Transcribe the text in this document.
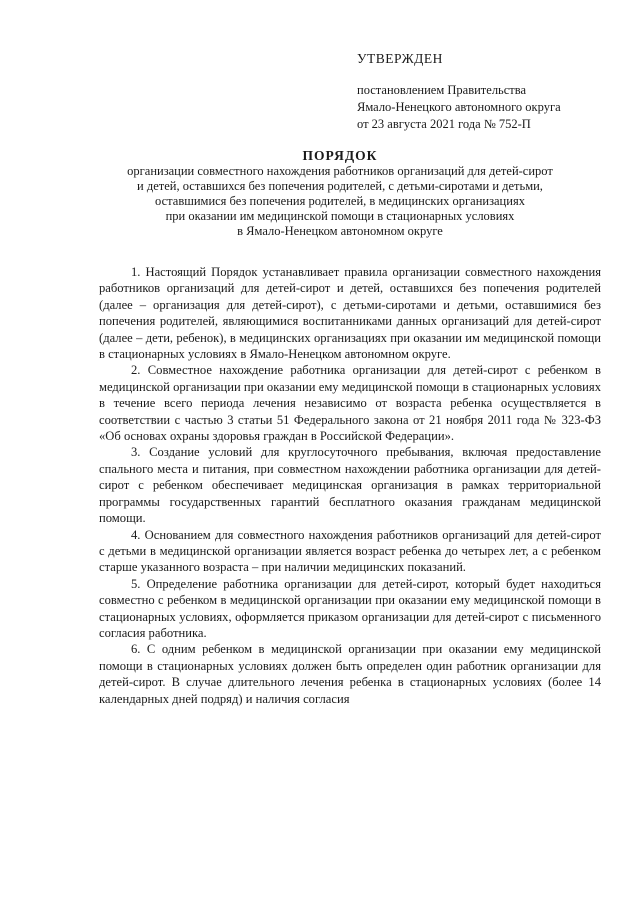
УТВЕРЖДЕН
постановлением Правительства
Ямало-Ненецкого автономного округа
от 23 августа 2021 года № 752-П
ПОРЯДОК
организации совместного нахождения работников организаций для детей-сирот
и детей, оставшихся без попечения родителей, с детьми-сиротами и детьми,
оставшимися без попечения родителей, в медицинских организациях
при оказании им медицинской помощи в стационарных условиях
в Ямало-Ненецком автономном округе

1. Настоящий Порядок устанавливает правила организации совместного нахождения работников организаций для детей-сирот и детей, оставшихся без попечения родителей (далее – организация для детей-сирот), с детьми-сиротами и детьми, оставшимися без попечения родителей, являющимися воспитанниками данных организаций для детей-сирот (далее – дети, ребенок), в медицинских организациях при оказании им медицинской помощи в стационарных условиях в Ямало-Ненецком автономном округе.

2. Совместное нахождение работника организации для детей-сирот с ребенком в медицинской организации при оказании ему медицинской помощи в стационарных условиях в течение всего периода лечения независимо от возраста ребенка осуществляется в соответствии с частью 3 статьи 51 Федерального закона от 21 ноября 2011 года № 323-ФЗ «Об основах охраны здоровья граждан в Российской Федерации».

3. Создание условий для круглосуточного пребывания, включая предоставление спального места и питания, при совместном нахождении работника организации для детей-сирот с ребенком обеспечивает медицинская организация в рамках территориальной программы государственных гарантий бесплатного оказания гражданам медицинской помощи.

4. Основанием для совместного нахождения работников организаций для детей-сирот с детьми в медицинской организации является возраст ребенка до четырех лет, а с ребенком старше указанного возраста – при наличии медицинских показаний.

5. Определение работника организации для детей-сирот, который будет находиться совместно с ребенком в медицинской организации при оказании ему медицинской помощи в стационарных условиях, оформляется приказом организации для детей-сирот с письменного согласия работника.

6. С одним ребенком в медицинской организации при оказании ему медицинской помощи в стационарных условиях должен быть определен один работник организации для детей-сирот. В случае длительного лечения ребенка в стационарных условиях (более 14 календарных дней подряд) и наличия согласия
